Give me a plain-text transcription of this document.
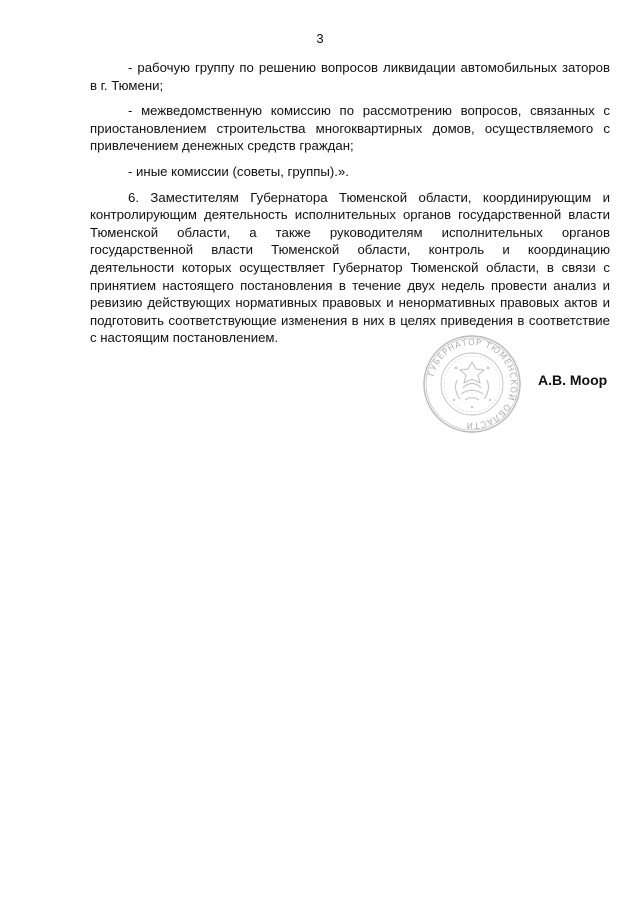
3

- рабочую группу по решению вопросов ликвидации автомобильных заторов в г. Тюмени;

- межведомственную комиссию по рассмотрению вопросов, связанных с приостановлением строительства многоквартирных домов, осуществляемого с привлечением денежных средств граждан;

- иные комиссии (советы, группы).».

6. Заместителям Губернатора Тюменской области, координирующим и контролирующим деятельность исполнительных органов государственной власти Тюменской области, а также руководителям исполнительных органов государственной власти Тюменской области, контроль и координацию деятельности которых осуществляет Губернатор Тюменской области, в связи с принятием настоящего постановления в течение двух недель провести анализ и ревизию действующих нормативных правовых и ненормативных правовых актов и подготовить соответствующие изменения в них в целях приведения в соответствие с настоящим постановлением.

ГУБЕРНАТОР ТЮМЕНСКОЙ ОБЛАСТИ
А.В. Моор
